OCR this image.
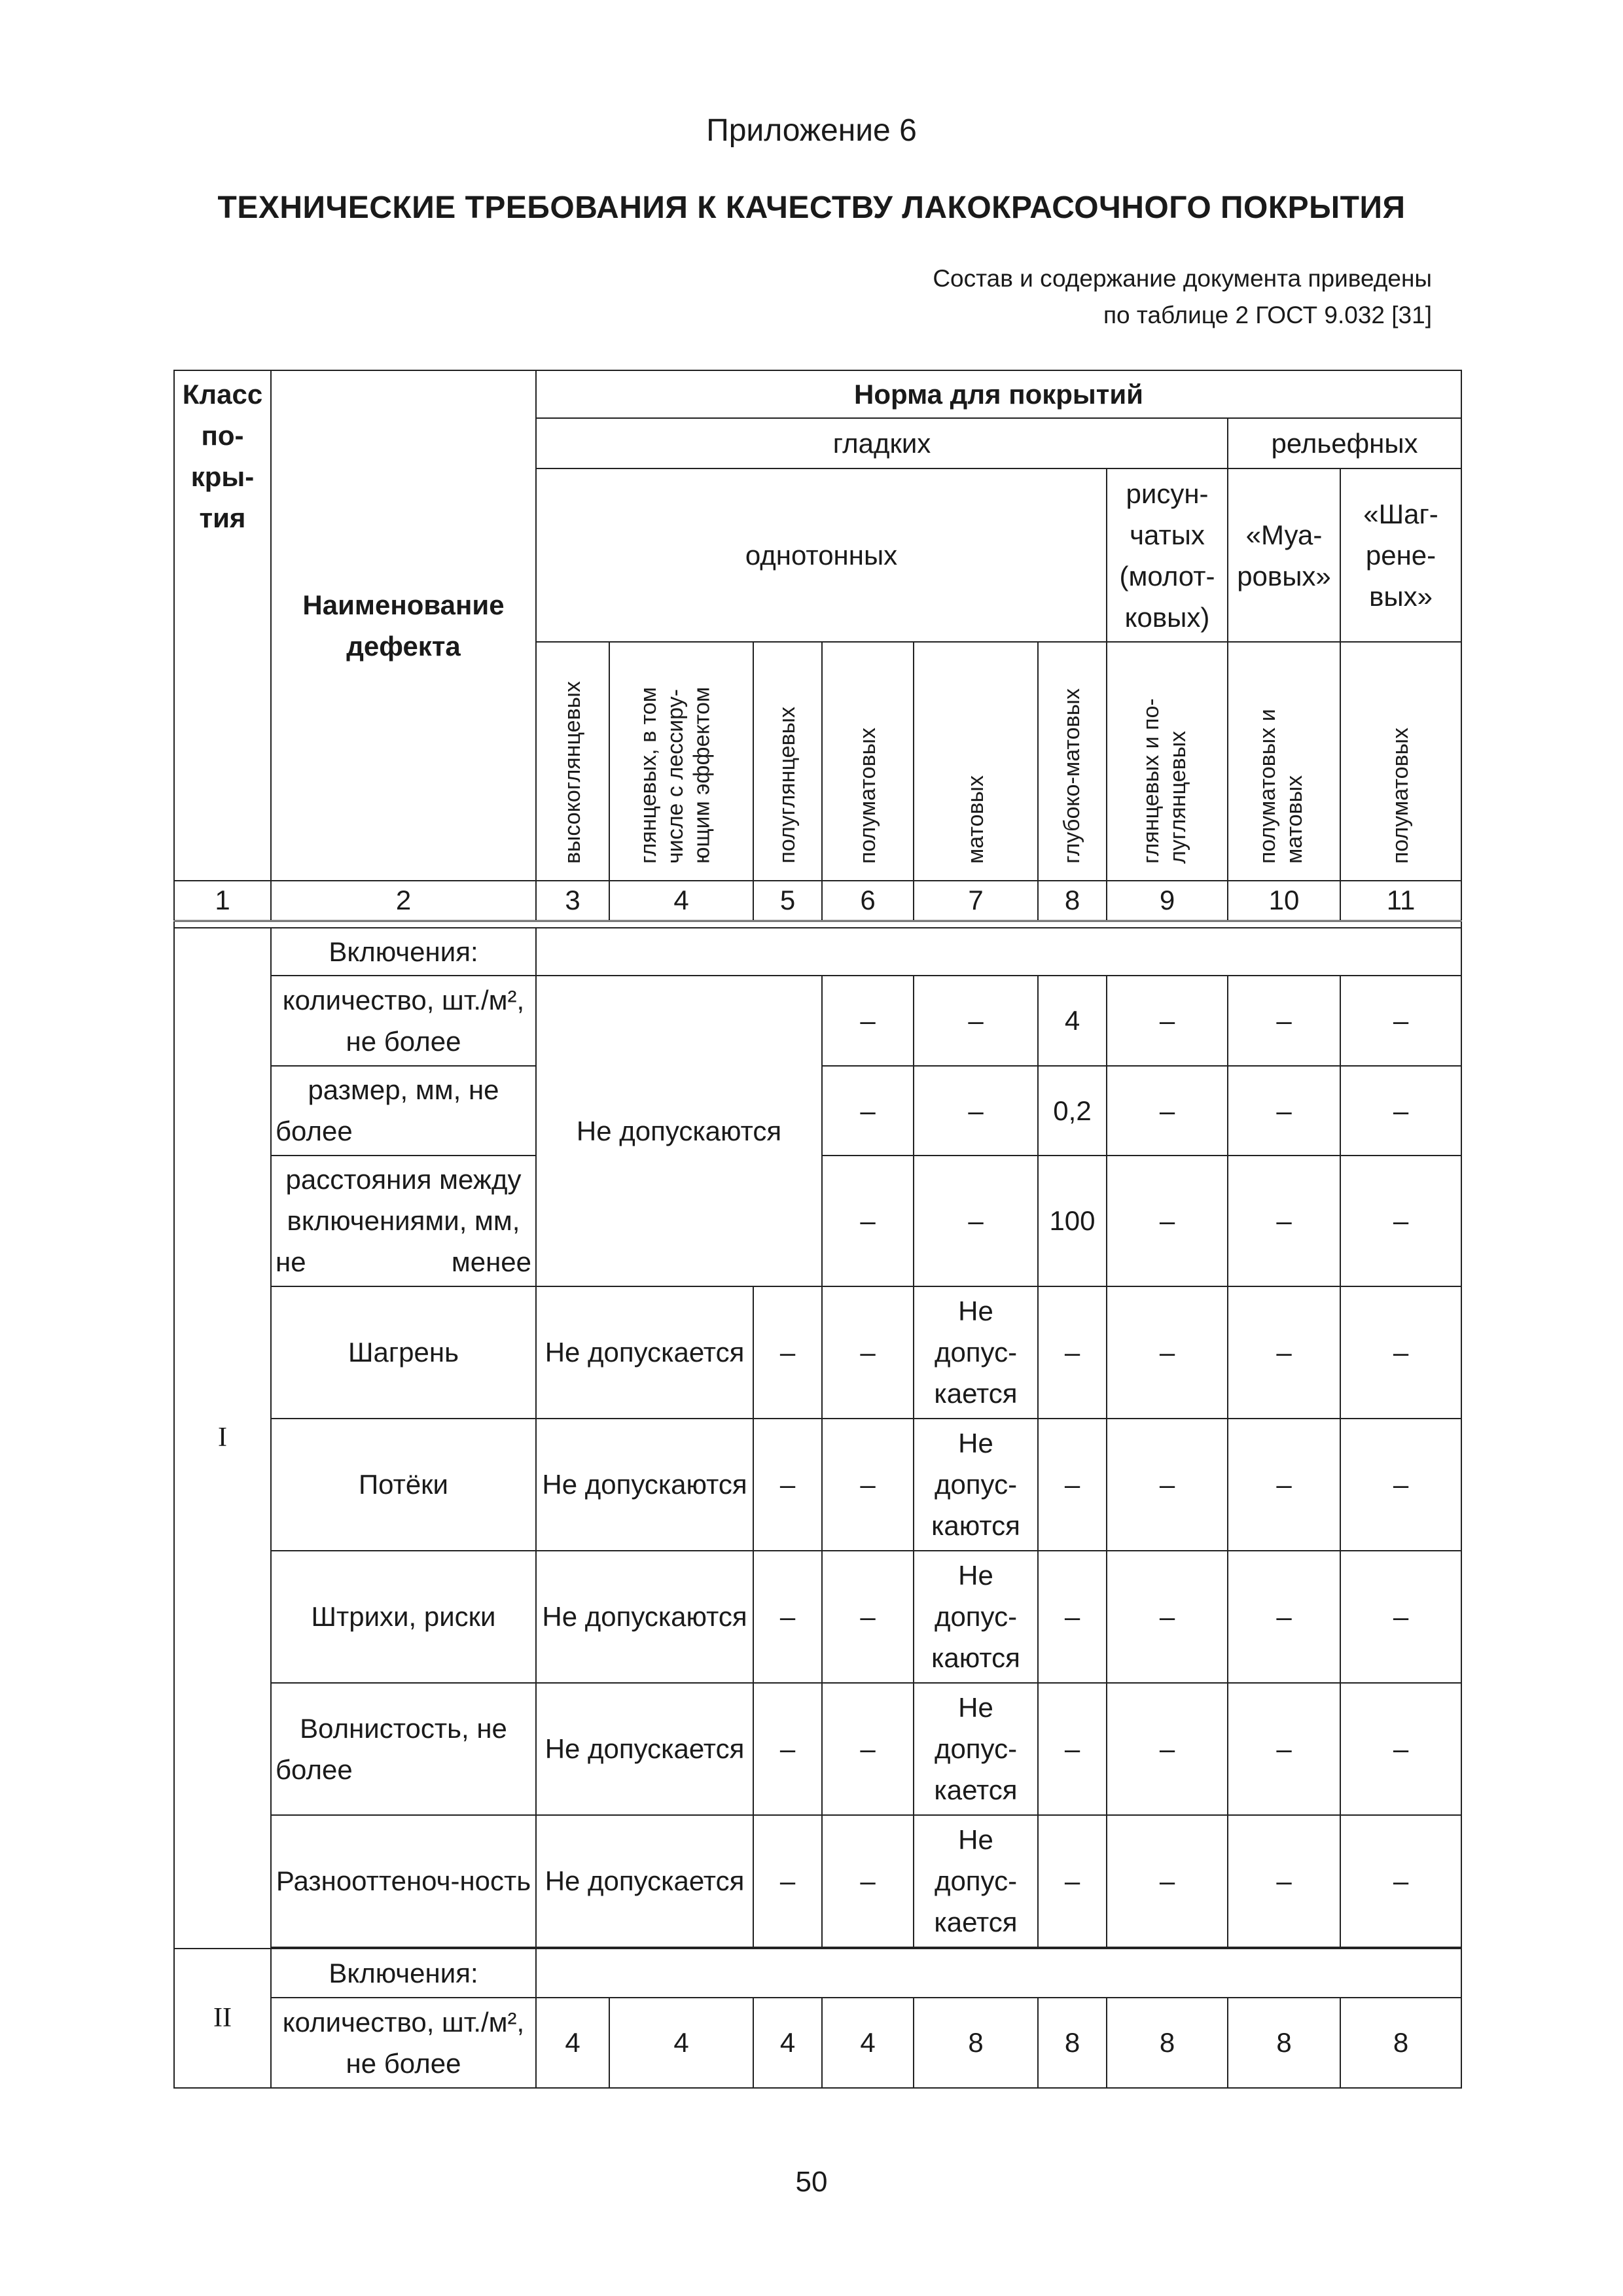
Приложение 6
ТЕХНИЧЕСКИЕ ТРЕБОВАНИЯ К КАЧЕСТВУ ЛАКОКРАСОЧНОГО ПОКРЫТИЯ
Состав и содержание документа приведены
по таблице 2 ГОСТ 9.032 [31]
Класс по-кры-тия	Наименование дефекта	Норма для покрытий									
		гладких							рельефных		
		однотонных						рисун-чатых (молот-ковых)	«Муа-ровых»	«Шаг-рене-вых»	
		высокоглянцевых	глянцевых, в том числе с лессиру-ющим эффектом	полуглянцевых	полуматовых	матовых	глубоко-матовых	глянцевых и по-луглянцевых	полуматовых и матовых	полуматовых	
1	2	3	4	5	6	7	8	9	10	11	

I	Включения:										
	количество, шт./м², не более	Не допускаются			–	–	4	–	–	–	
	размер, мм, не более				–	–	0,2	–	–	–	
	расстояния между включениями, мм, не менее				–	–	100	–	–	–	
	Шагрень	Не допускается		–	–	Не допус-кается	–	–	–	–	
	Потёки	Не допускаются		–	–	Не допус-каются	–	–	–	–	
	Штрихи, риски	Не допускаются		–	–	Не допус-каются	–	–	–	–	
	Волнистость, не более	Не допускается		–	–	Не допус-кается	–	–	–	–	
	Разнооттеноч-ность	Не допускается		–	–	Не допус-кается	–	–	–	–	

II	Включения:										
	количество, шт./м², не более	4	4	4	4	8	8	8	8	8	
50
